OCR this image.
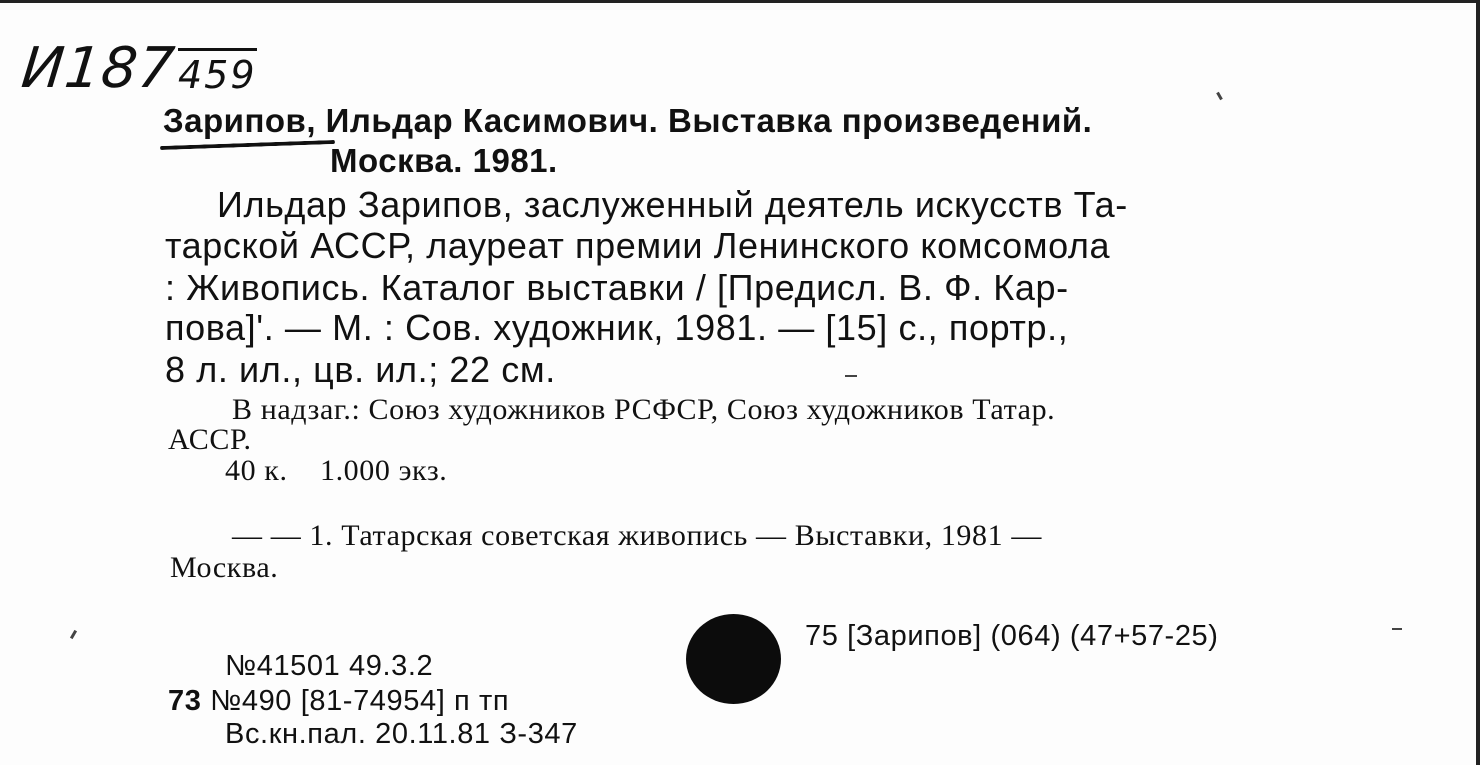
И187 459
Зарипов, Ильдар Касимович. Выставка произведений.
Москва. 1981.
Ильдар Зарипов, заслуженный деятель искусств Та-
тарской АССР, лауреат премии Ленинского комсомола
: Живопись. Каталог выставки / [Предисл. В. Ф. Кар-
пова]'. — М. : Сов. художник, 1981. — [15] с., портр.,
8 л. ил., цв. ил.; 22 см.
В надзаг.: Союз художников РСФСР, Союз художников Татар.
АССР.
40 к. 1.000 экз.
— — 1. Татарская советская живопись — Выставки, 1981 —
Москва.
75 [Зарипов] (064) (47+57-25)
№41501 49.3.2
73 №490 [81-74954] п тп
Вс.кн.пал. 20.11.81 З-347
